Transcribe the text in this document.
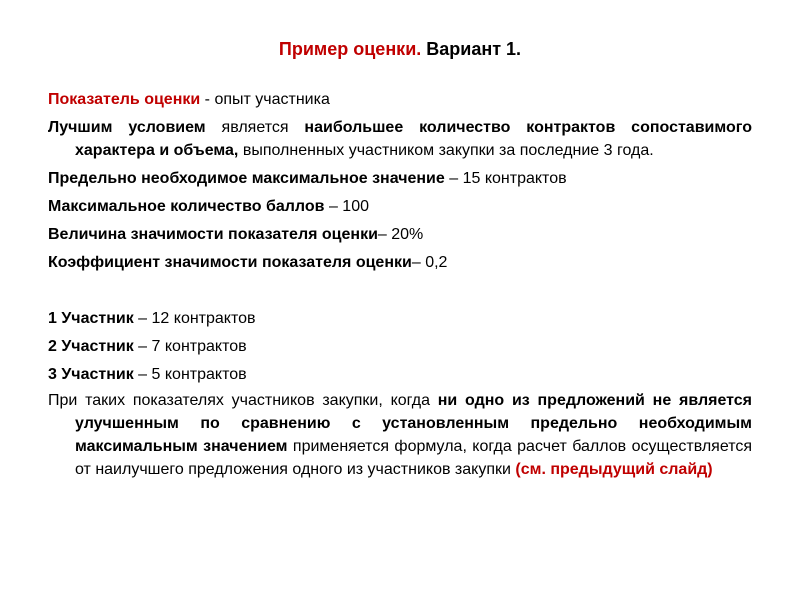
Пример оценки. Вариант 1.

Показатель оценки - опыт участника

Лучшим условием является наибольшее количество контрактов сопоставимого характера и объема, выполненных участником закупки за последние 3 года.

Предельно необходимое максимальное значение – 15 контрактов

Максимальное количество баллов – 100

Величина значимости показателя оценки– 20%

Коэффициент значимости показателя оценки– 0,2

1 Участник – 12 контрактов

2 Участник – 7 контрактов

3 Участник – 5 контрактов

При таких показателях участников закупки, когда ни одно из предложений не является улучшенным по сравнению с установленным предельно необходимым максимальным значением применяется формула, когда расчет баллов осуществляется от наилучшего предложения одного из участников закупки (см. предыдущий слайд)
